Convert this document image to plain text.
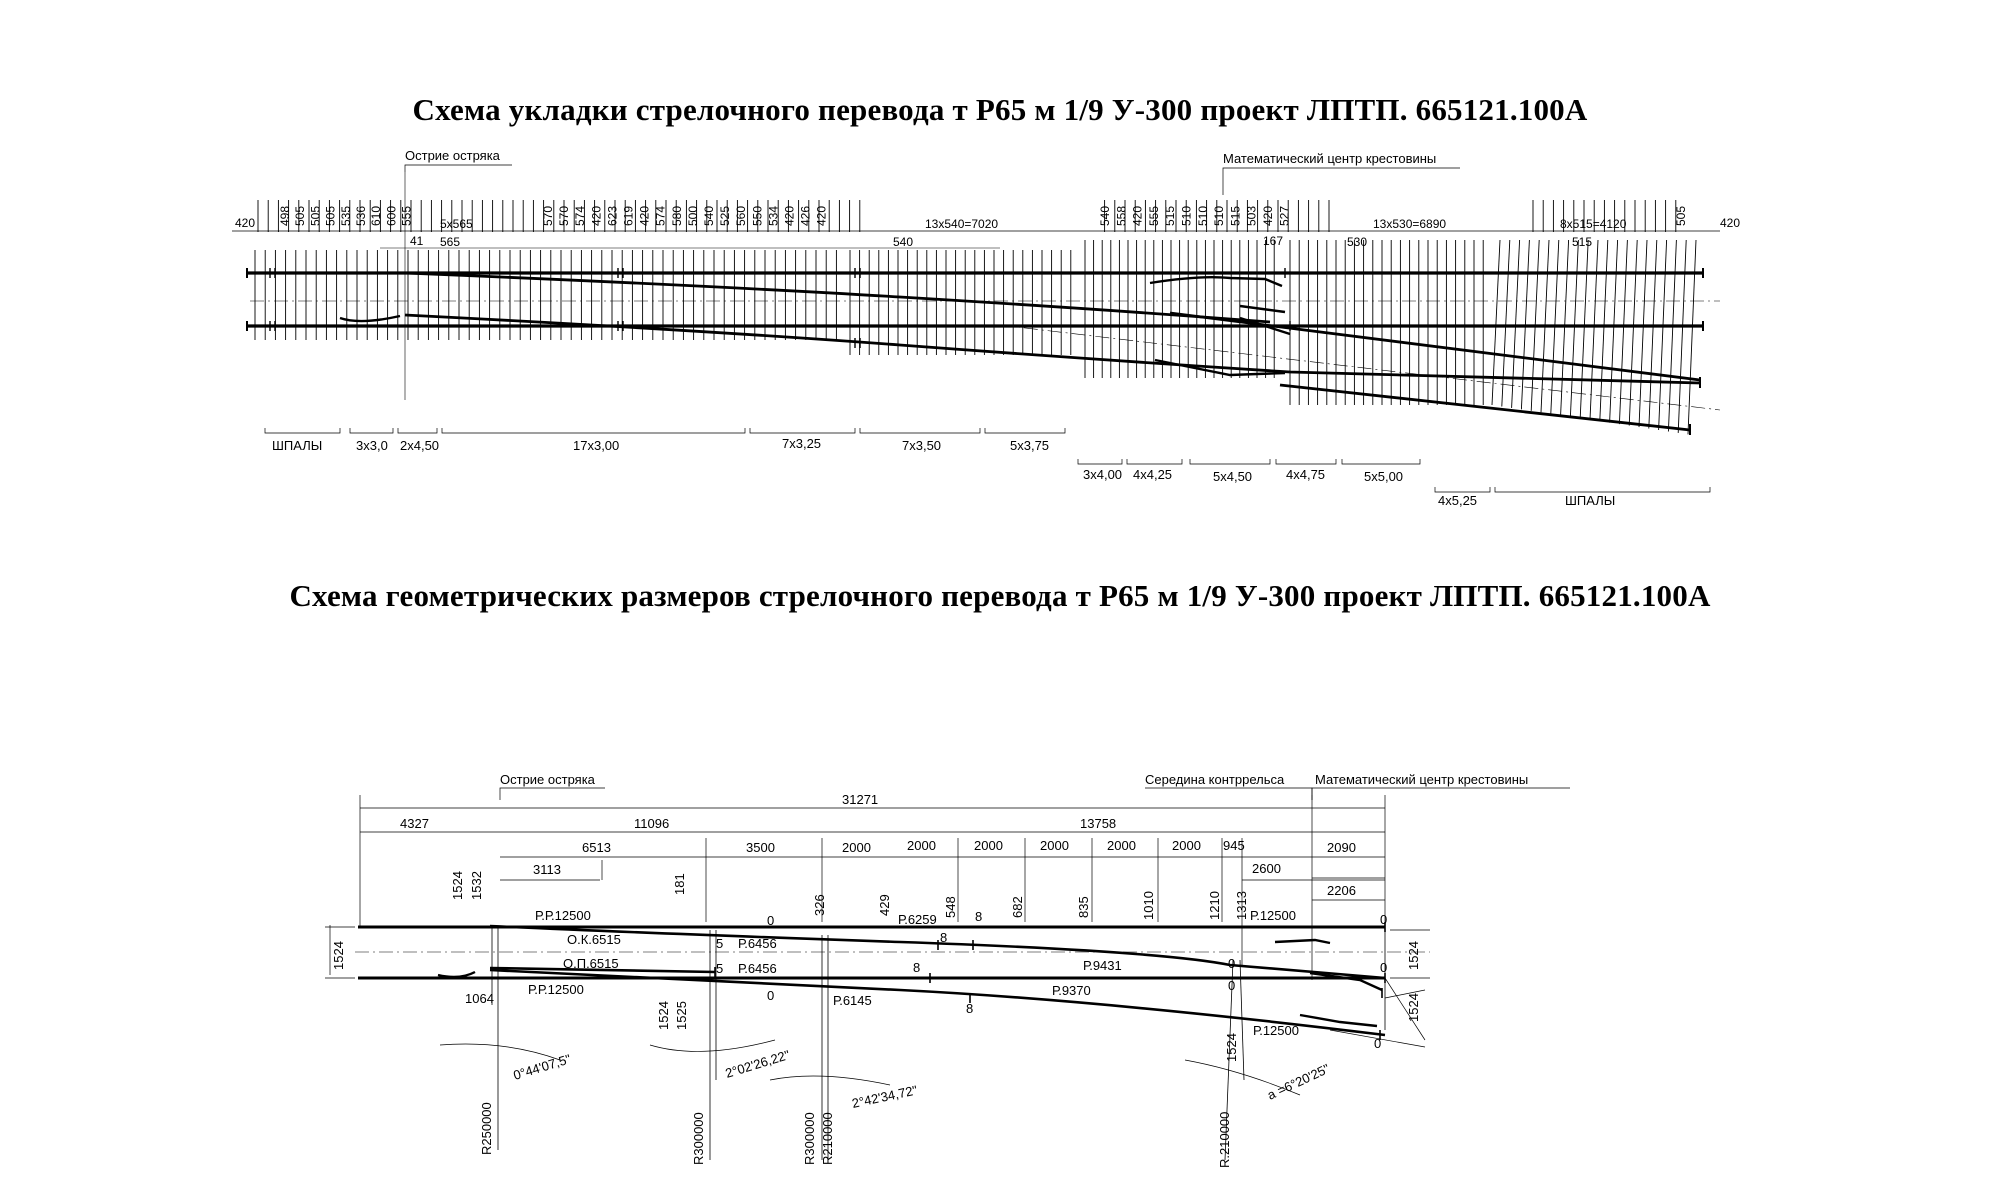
Схема укладки стрелочного перевода т Р65 м 1/9 У-300 проект ЛПТП. 665121.100А
Схема геометрических размеров стрелочного перевода т Р65 м 1/9 У-300 проект ЛПТП. 665121.100А
Острие остряка	Математический центр крестовины
420	420
5x565	13x540=7020	13x530=6890	8x515=4120
41 565	540	167	530	515
498 505 505 505 535 536 610 600 555	570 570 574 420 623 619 420 574 580 500 540 525 560 550 534 420 426 420	540 558 420 555 515 510 510 510 515 503 420 527	505
ШПАЛЫ	3x3,0 2x4,50	17x3,00	7x3,25	7x3,50	5x3,75
3x4,00 4x4,25	5x4,50	4x4,75	5x5,00
4x5,25	ШПАЛЫ
Острие остряка	Середина контррельса Математический центр крестовины
31271
4327	11096	13758
6513	3500	2000	2000	2000	2000	2000	2000 945	2090
3113	2600
2206
1524	1524
1524
1524 1532	181
326	429	548	682	835	1010	1210 1313
1064
1524 1525
1524
0
0
0
0
0
0
0
5
5
8
8
8
8
Р.Р.12500
Р.Р.12500
О.К.6515
О.П.6515
Р.6456
Р.6456
Р.6259
Р.6145
Р.9431
Р.9370
Р.12500
Р.12500
R250000	R300000	R300000 R210000	R.210000
0°44'07,5"	2°02'26,22"
2°42'34,72"	а =6°20'25"
